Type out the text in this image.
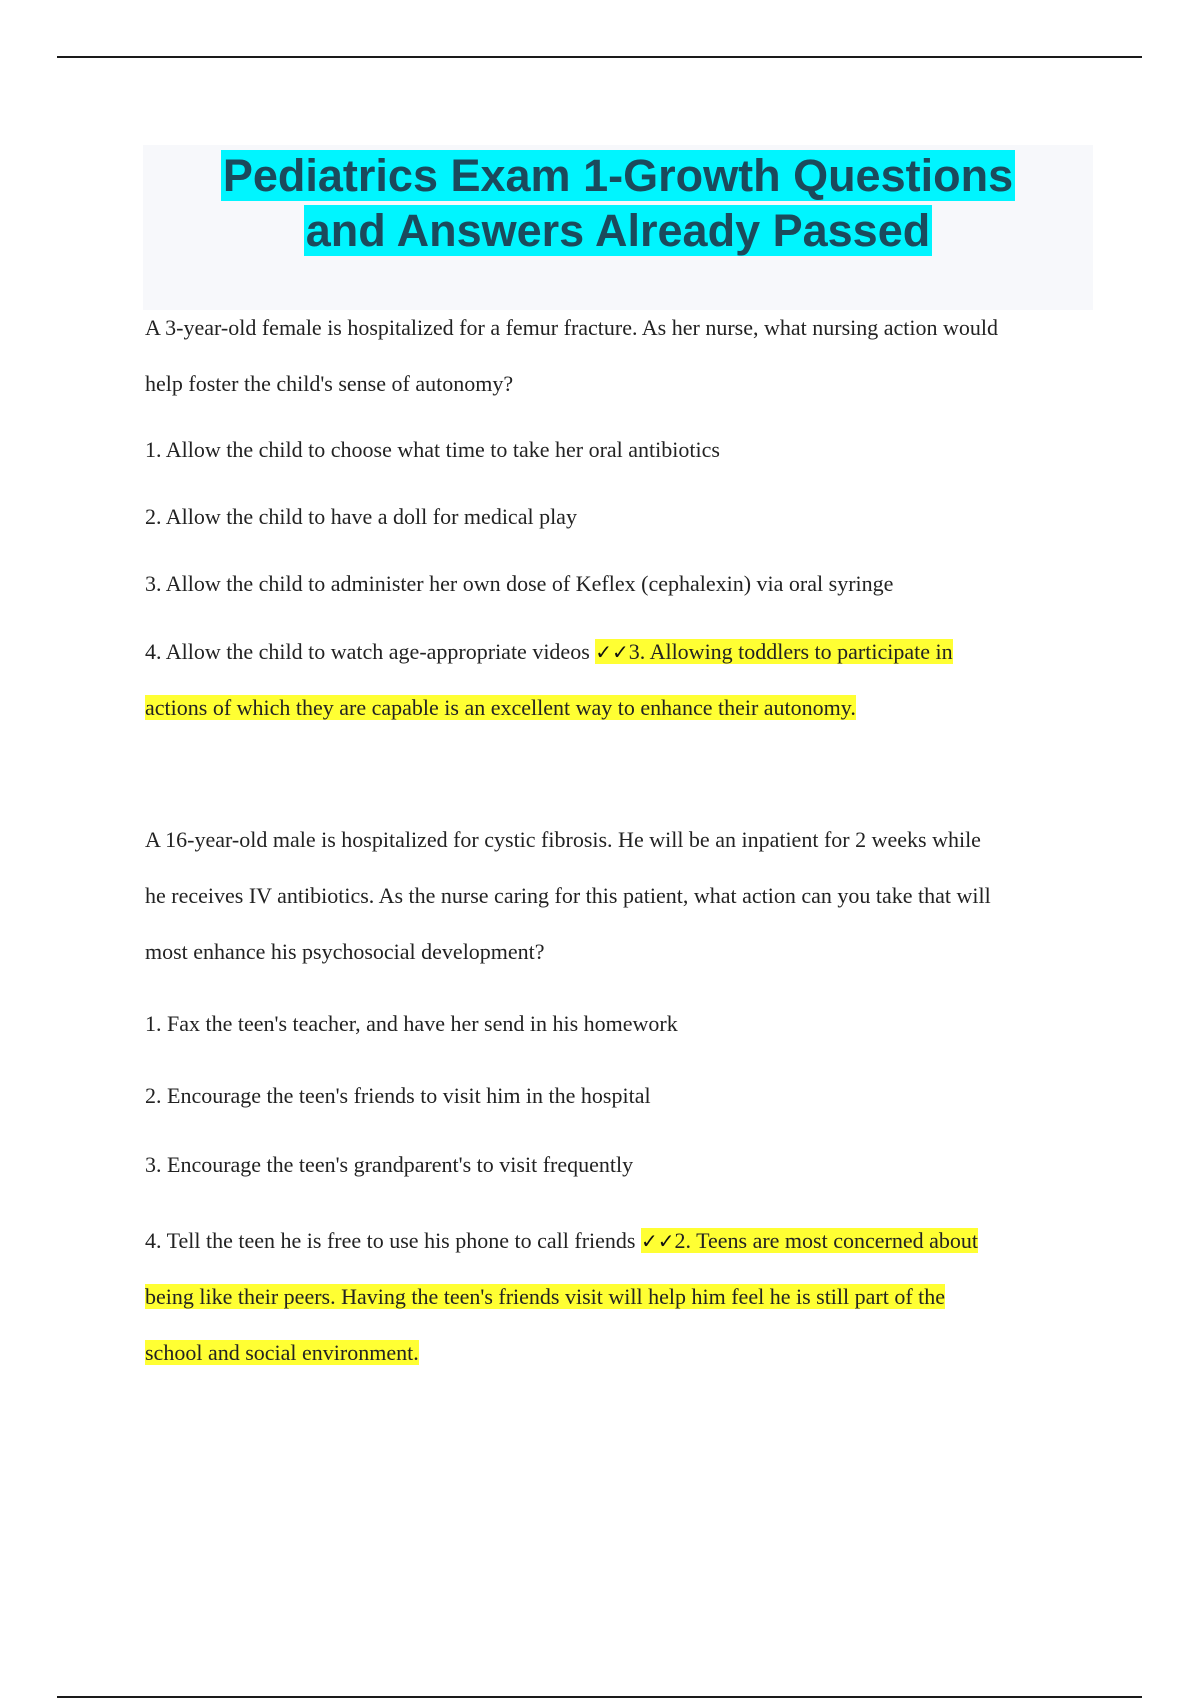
Pediatrics Exam 1-Growth Questions
and Answers Already Passed

A 3-year-old female is hospitalized for a femur fracture. As her nurse, what nursing action would

help foster the child's sense of autonomy?

1. Allow the child to choose what time to take her oral antibiotics

2. Allow the child to have a doll for medical play

3. Allow the child to administer her own dose of Keflex (cephalexin) via oral syringe

4. Allow the child to watch age-appropriate videos ✓✓3. Allowing toddlers to participate in

actions of which they are capable is an excellent way to enhance their autonomy.

A 16-year-old male is hospitalized for cystic fibrosis. He will be an inpatient for 2 weeks while

he receives IV antibiotics. As the nurse caring for this patient, what action can you take that will

most enhance his psychosocial development?

1. Fax the teen's teacher, and have her send in his homework

2. Encourage the teen's friends to visit him in the hospital

3. Encourage the teen's grandparent's to visit frequently

4. Tell the teen he is free to use his phone to call friends ✓✓2. Teens are most concerned about

being like their peers. Having the teen's friends visit will help him feel he is still part of the

school and social environment.
